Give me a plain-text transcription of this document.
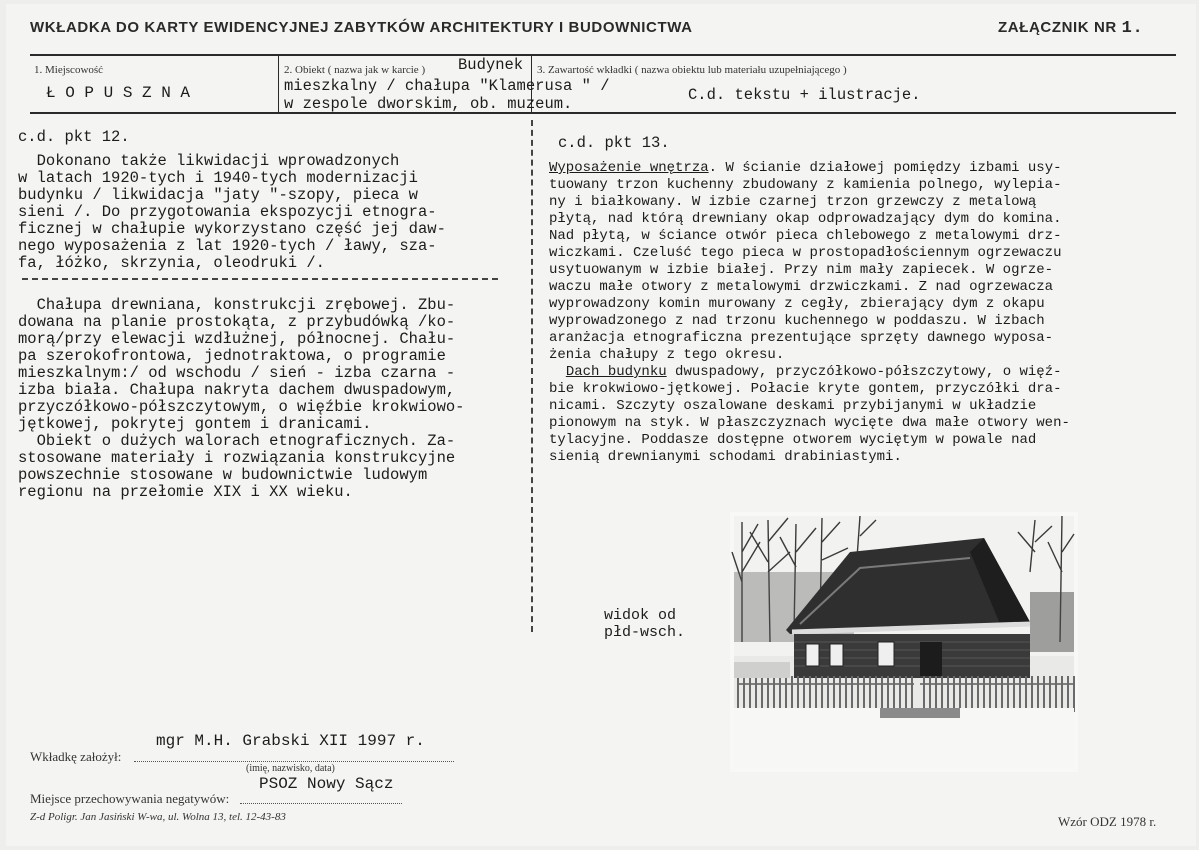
WKŁADKA DO KARTY EWIDENCYJNEJ ZABYTKÓW ARCHITEKTURY I BUDOWNICTWA	ZAŁĄCZNIK NR 1.
1. Miejscowość
Ł O P U S Z N A
2. Obiekt ( nazwa jak w karcie ) Budynek
mieszkalny / chałupa "Klamerusa " /
w zespole dworskim, ob. muzeum.
3. Zawartość wkładki ( nazwa obiektu lub materiału uzupełniającego )
C.d. tekstu + ilustracje.
c.d. pkt 12.

Dokonano także likwidacji wprowadzonych

w latach 1920-tych i 1940-tych modernizacji

budynku / likwidacja "jaty "-szopy, pieca w

sieni /. Do przygotowania ekspozycji etnogra-

ficznej w chałupie wykorzystano część jej daw-

nego wyposażenia z lat 1920-tych / ławy, sza-

fa, łóżko, skrzynia, oleodruki /.

Chałupa drewniana, konstrukcji zrębowej. Zbu-

dowana na planie prostokąta, z przybudówką /ko-

morą/przy elewacji wzdłużnej, północnej. Chału-

pa szerokofrontowa, jednotraktowa, o programie

mieszkalnym:/ od wschodu / sień - izba czarna -

izba biała. Chałupa nakryta dachem dwuspadowym,

przyczółkowo-półszczytowym, o więźbie krokwiowo-

jętkowej, pokrytej gontem i dranicami.

Obiekt o dużych walorach etnograficznych. Za-

stosowane materiały i rozwiązania konstrukcyjne

powszechnie stosowane w budownictwie ludowym

regionu na przełomie XIX i XX wieku.

c.d. pkt 13.

Wyposażenie wnętrza. W ścianie działowej pomiędzy izbami usy-

tuowany trzon kuchenny zbudowany z kamienia polnego, wylepia-

ny i białkowany. W izbie czarnej trzon grzewczy z metalową

płytą, nad którą drewniany okap odprowadzający dym do komina.

Nad płytą, w ściance otwór pieca chlebowego z metalowymi drz-

wiczkami. Czeluść tego pieca w prostopadłościennym ogrzewaczu

usytuowanym w izbie białej. Przy nim mały zapiecek. W ogrze-

waczu małe otwory z metalowymi drzwiczkami. Z nad ogrzewacza

wyprowadzony komin murowany z cegły, zbierający dym z okapu

wyprowadzonego z nad trzonu kuchennego w poddaszu. W izbach

aranżacja etnograficzna prezentujące sprzęty dawnego wyposa-

żenia chałupy z tego okresu.

Dach budynku dwuspadowy, przyczółkowo-półszczytowy, o więź-

bie krokwiowo-jętkowej. Połacie kryte gontem, przyczółki dra-

nicami. Szczyty oszalowane deskami przybijanymi w układzie

pionowym na styk. W płaszczyznach wycięte dwa małe otwory wen-

tylacyjne. Poddasze dostępne otworem wyciętym w powale nad

sienią drewnianymi schodami drabiniastymi.

widok od
płd-wsch.
Wkładkę założył:
mgr M.H. Grabski XII 1997 r.
(imię, nazwisko, data)
Miejsce przechowywania negatywów:
PSOZ Nowy Sącz
Z-d Poligr. Jan Jasiński W-wa, ul. Wolna 13, tel. 12-43-83	Wzór ODZ 1978 r.
